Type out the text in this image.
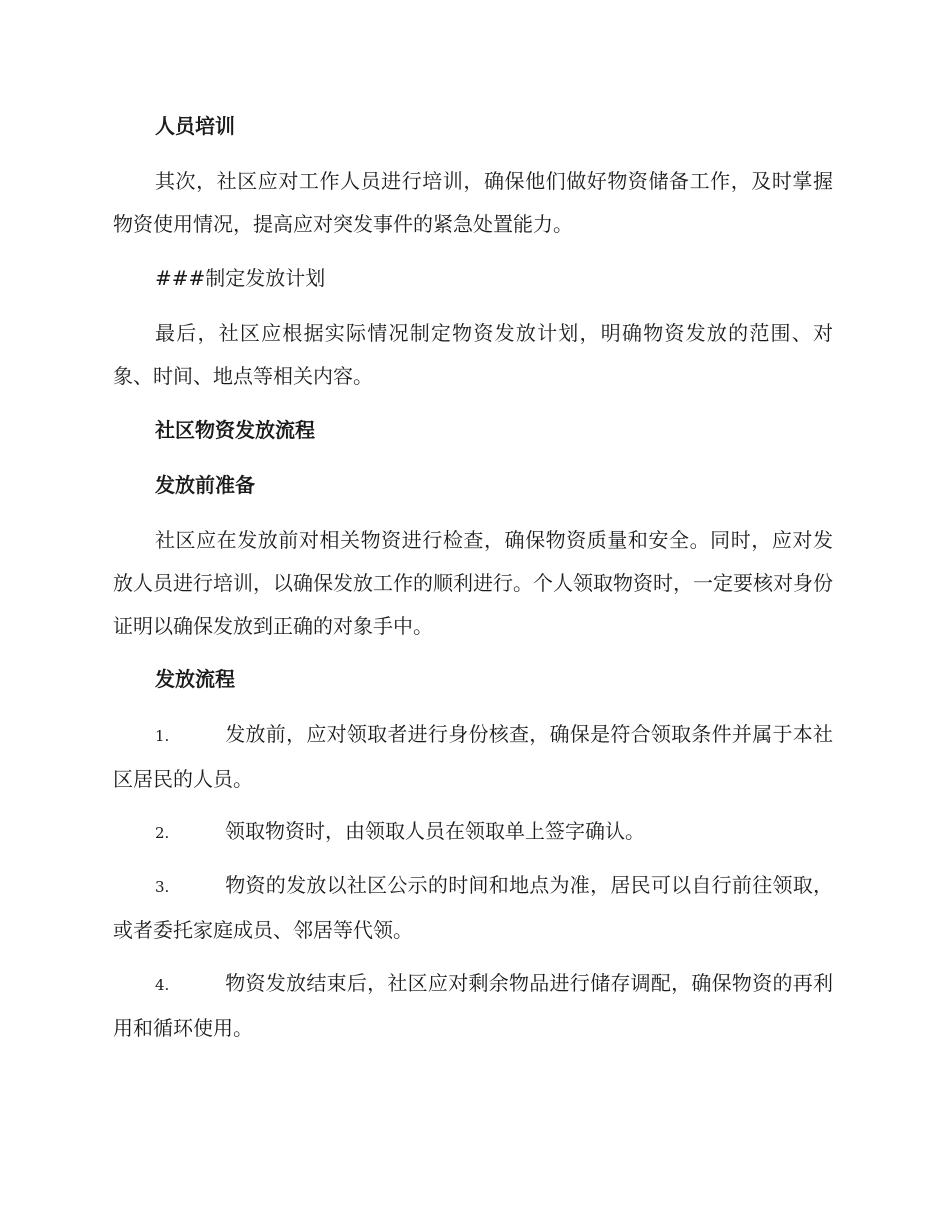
人员培训

其次，社区应对工作人员进行培训，确保他们做好物资储备工作，及时掌握物资使用情况，提高应对突发事件的紧急处置能力。

###制定发放计划

最后，社区应根据实际情况制定物资发放计划，明确物资发放的范围、对象、时间、地点等相关内容。

社区物资发放流程

发放前准备

社区应在发放前对相关物资进行检查，确保物资质量和安全。同时，应对发放人员进行培训，以确保发放工作的顺利进行。个人领取物资时，一定要核对身份证明以确保发放到正确的对象手中。

发放流程

1.	发放前，应对领取者进行身份核查，确保是符合领取条件并属于本社区居民的人员。

2.	领取物资时，由领取人员在领取单上签字确认。

3.	物资的发放以社区公示的时间和地点为准，居民可以自行前往领取，或者委托家庭成员、邻居等代领。

4.	物资发放结束后，社区应对剩余物品进行储存调配，确保物资的再利用和循环使用。
